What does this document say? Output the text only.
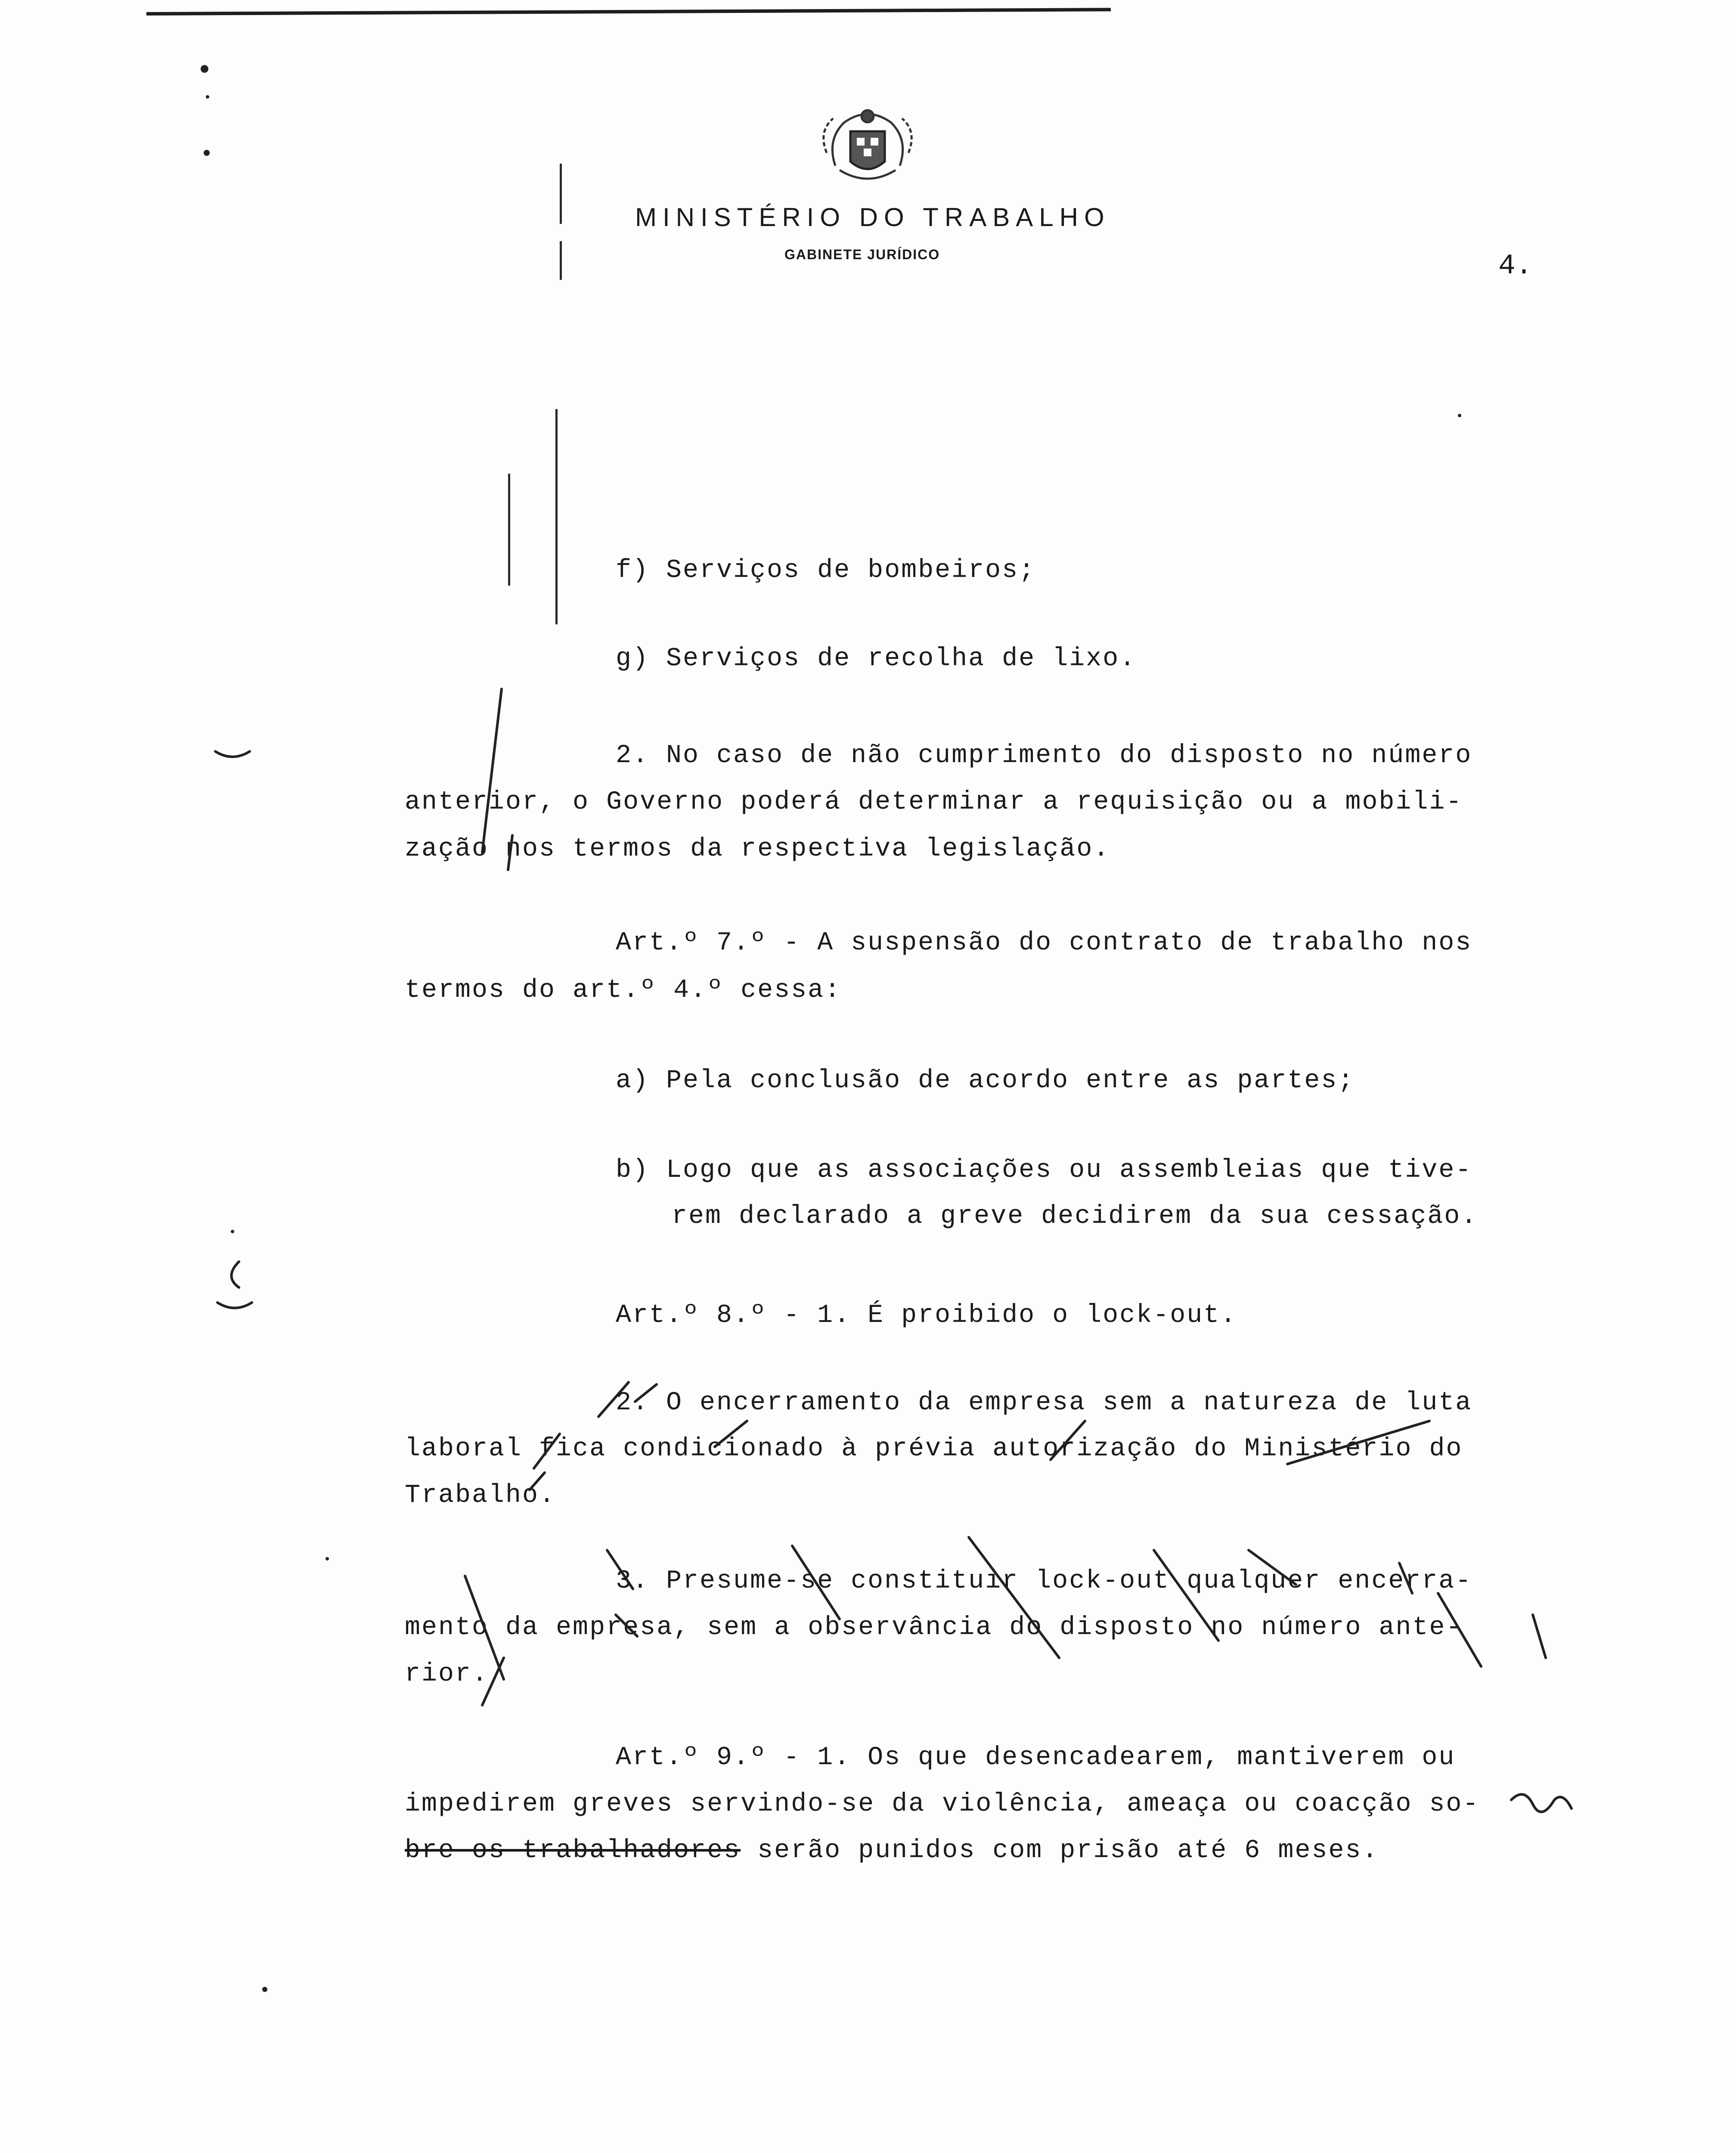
MINISTÉRIO DO TRABALHO
GABINETE JURÍDICO	4.
f) Serviços de bombeiros;
g) Serviços de recolha de lixo.
2. No caso de não cumprimento do disposto no número
anterior, o Governo poderá determinar a requisição ou a mobili-
zação nos termos da respectiva legislação.
Art.º 7.º - A suspensão do contrato de trabalho nos
termos do art.º 4.º cessa:
a) Pela conclusão de acordo entre as partes;
b) Logo que as associações ou assembleias que tive-
rem declarado a greve decidirem da sua cessação.
Art.º 8.º - 1. É proibido o lock-out.
2. O encerramento da empresa sem a natureza de luta
laboral fica condicionado à prévia autorização do Ministério do
Trabalho.
3. Presume-se constituir lock-out qualquer encerra-
mento da empresa, sem a observância do disposto no número ante-
rior.
Art.º 9.º - 1. Os que desencadearem, mantiverem ou
impedirem greves servindo-se da violência, ameaça ou coacção so-
bre os trabalhadores serão punidos com prisão até 6 meses.
